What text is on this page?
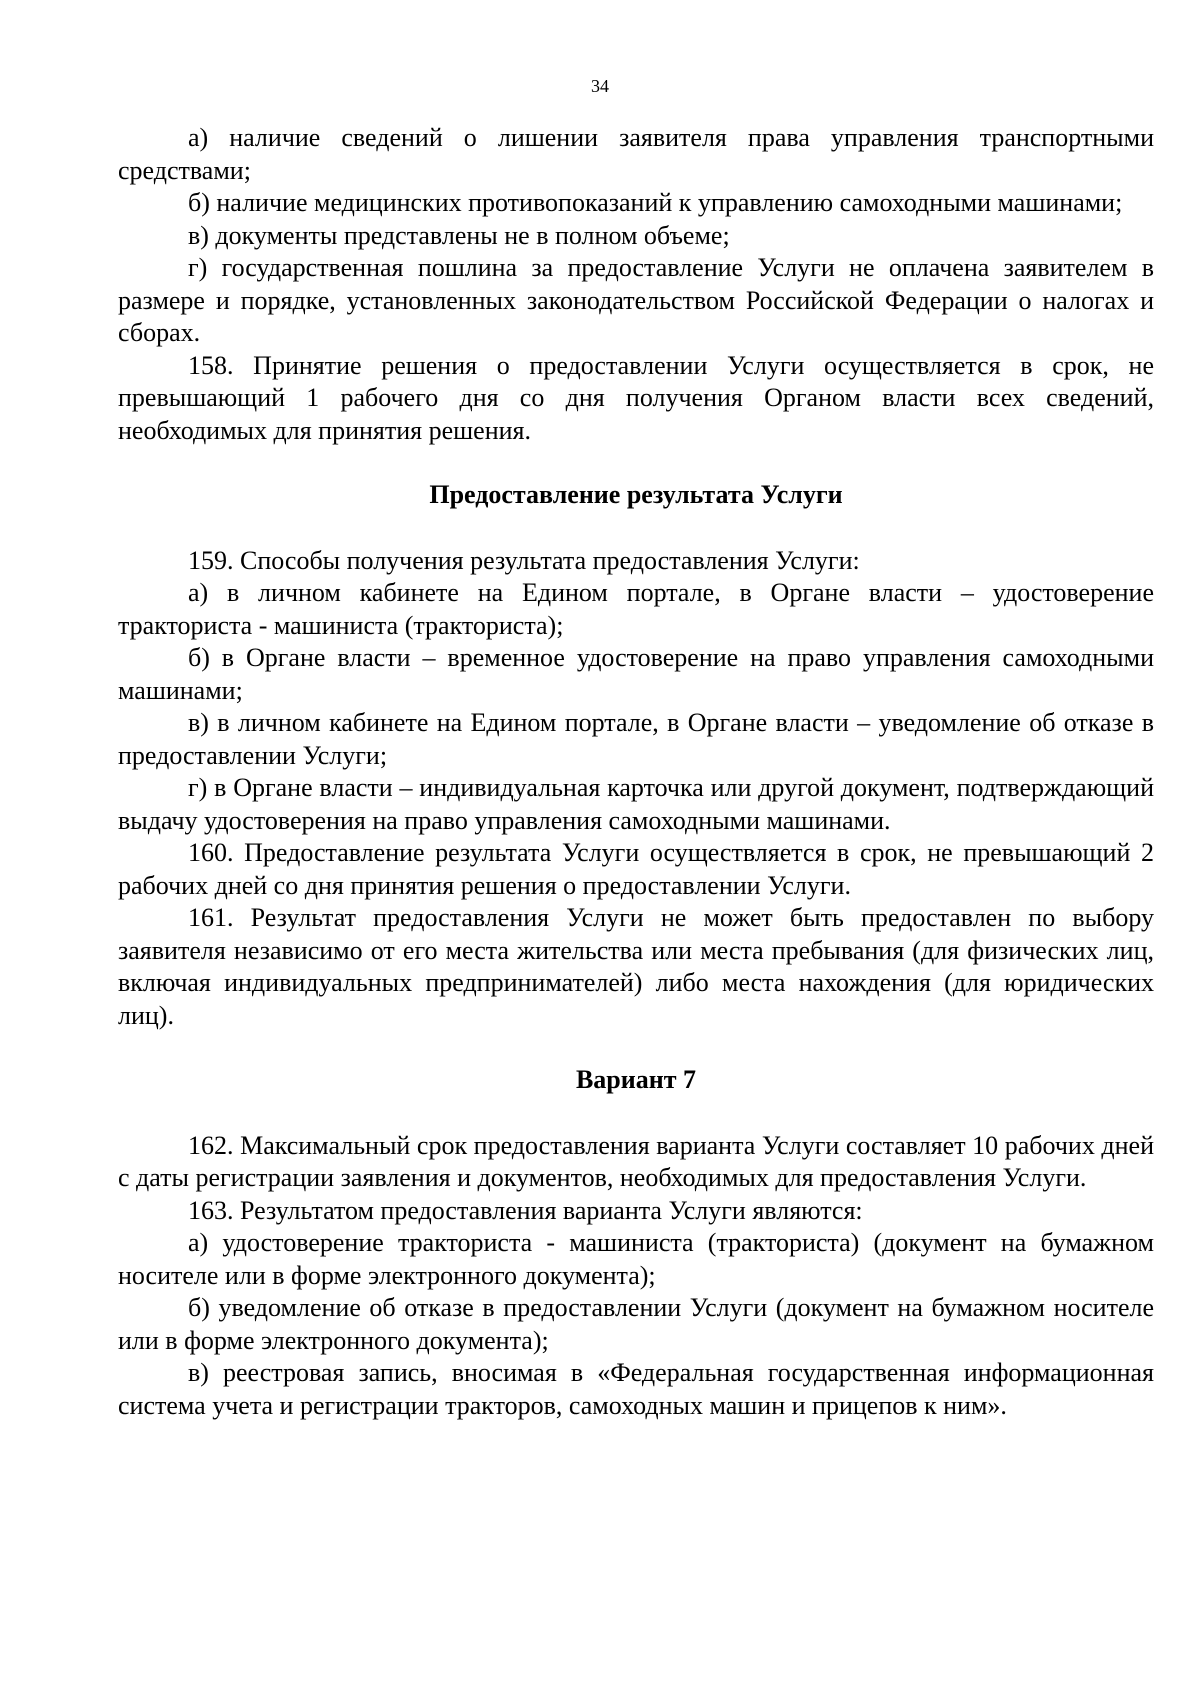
34

а) наличие сведений о лишении заявителя права управления транспортными средствами;

б) наличие медицинских противопоказаний к управлению самоходными машинами;

в) документы представлены не в полном объеме;

г) государственная пошлина за предоставление Услуги не оплачена заявителем в размере и порядке, установленных законодательством Российской Федерации о налогах и сборах.

158. Принятие решения о предоставлении Услуги осуществляется в срок, не превышающий 1 рабочего дня со дня получения Органом власти всех сведений, необходимых для принятия решения.

Предоставление результата Услуги

159. Способы получения результата предоставления Услуги:

а) в личном кабинете на Едином портале, в Органе власти – удостоверение тракториста - машиниста (тракториста);

б) в Органе власти – временное удостоверение на право управления самоходными машинами;

в) в личном кабинете на Едином портале, в Органе власти – уведомление об отказе в предоставлении Услуги;

г) в Органе власти – индивидуальная карточка или другой документ, подтверждающий выдачу удостоверения на право управления самоходными машинами.

160. Предоставление результата Услуги осуществляется в срок, не превышающий 2 рабочих дней со дня принятия решения о предоставлении Услуги.

161. Результат предоставления Услуги не может быть предоставлен по выбору заявителя независимо от его места жительства или места пребывания (для физических лиц, включая индивидуальных предпринимателей) либо места нахождения (для юридических лиц).

Вариант 7

162. Максимальный срок предоставления варианта Услуги составляет 10 рабочих дней с даты регистрации заявления и документов, необходимых для предоставления Услуги.

163. Результатом предоставления варианта Услуги являются:

а) удостоверение тракториста - машиниста (тракториста) (документ на бумажном носителе или в форме электронного документа);

б) уведомление об отказе в предоставлении Услуги (документ на бумажном носителе или в форме электронного документа);

в) реестровая запись, вносимая в «Федеральная государственная информационная система учета и регистрации тракторов, самоходных машин и прицепов к ним».
